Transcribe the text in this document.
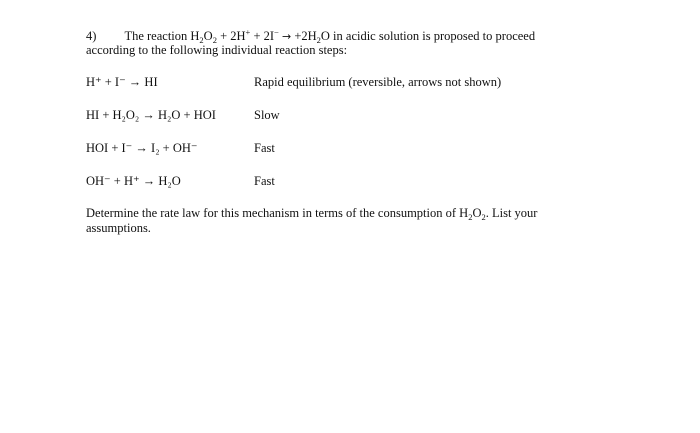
4) The reaction $H_2O_2 + 2H^+ + 2I^- \to +2H_2O$ in acidic solution is proposed to proceed
according to the following individual reaction steps:
H⁺ + I⁻ → HI	Rapid equilibrium (reversible, arrows not shown)
HI + H₂O₂ → H₂O + HOI	Slow
HOI + I⁻ → I₂ + OH⁻	Fast
OH⁻ + H⁺ → H₂O	Fast
Determine the rate law for this mechanism in terms of the consumption of $H_2O_2$. List your
assumptions.
